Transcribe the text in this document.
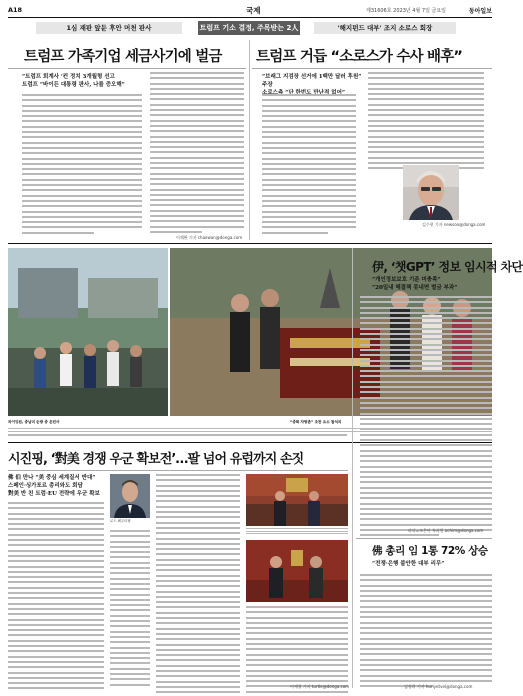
A18	국제	제31606호 2023년 4월 7일 금요일	동아일보
1심 재판 앞둔 후안 머천 판사	트럼프 기소 결정, 주목받는 2人	'해지펀드 대부' 조지 소로스 회장
트럼프 가족기업 세금사기에 벌금
“트럼프 회계사 ‘컨 정치 3개월형 선고
트럼프 “바이든 대통령 판사, 나를 증오해”
이채완 기자 chaewan@donga.com
트럼프 거듭 “소로스가 수사 배후”
“브래그 지검장 선거에 1백만 달러 후원” 주장
김수현 기자 newsoo@donga.com
차이잉원, 중남미 순방 중 온턴사	“중화 자랑촌” 조찬 요소 참석치
시진핑, ‘對美 경쟁 우군 확보전’…팔 넘어 유럽까지 손짓
佛 伯 만나 “美 중심 세계질서 반대”
스페인·싱가포르 총리와도 회담
對美 반 친 트럼·EU 전략에 우군 확보
로드 페우티탈
이세형 기자 turtle@donga.com
伊, ‘챗GPT’ 정보 임시적 차단
“개인정보보호 기준 미충족”
“20일내 해결책 못내면 벌금 부과”
파리=조은아 특파원 achim@donga.com
佛 총리 임 1통 72% 상승
“전쟁·은행 불안한 대부 리무”
김정희 기자 huriyetvel@donga.com
